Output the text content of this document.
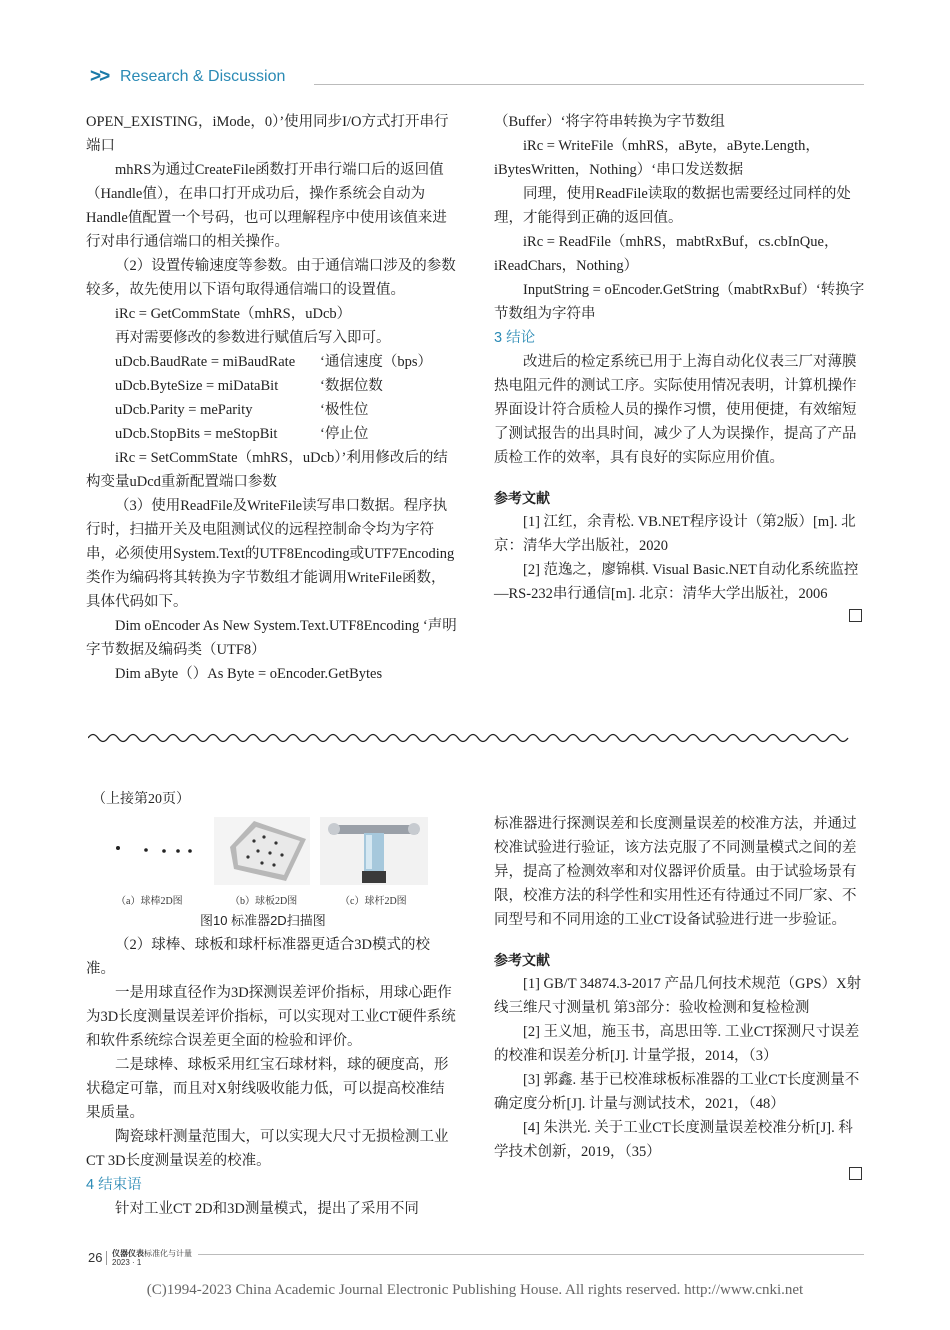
>> Research & Discussion

OPEN_EXISTING，iMode，0）’使用同步I/O方式打开串行端口

mhRS为通过CreateFile函数打开串行端口后的返回值（Handle值），在串口打开成功后，操作系统会自动为Handle值配置一个号码，也可以理解程序中使用该值来进行对串行通信端口的相关操作。

（2）设置传输速度等参数。由于通信端口涉及的参数较多，故先使用以下语句取得通信端口的设置值。

iRc = GetCommState（mhRS，uDcb）

再对需要修改的参数进行赋值后写入即可。

uDcb.BaudRate = miBaudRate	‘通信速度（bps）

uDcb.ByteSize = miDataBit	‘数据位数

uDcb.Parity = meParity	‘极性位

uDcb.StopBits = meStopBit	‘停止位

iRc = SetCommState（mhRS，uDcb）’利用修改后的结构变量uDcd重新配置端口参数

（3）使用ReadFile及WriteFile读写串口数据。程序执行时，扫描开关及电阻测试仪的远程控制命令均为字符串，必须使用System.Text的UTF8Encoding或UTF7Encoding类作为编码将其转换为字节数组才能调用WriteFile函数，具体代码如下。

Dim oEncoder As New System.Text.UTF8Encoding ‘声明字节数据及编码类（UTF8）

Dim aByte（）As Byte = oEncoder.GetBytes

（Buffer）‘将字符串转换为字节数组

iRc = WriteFile（mhRS，aByte，aByte.Length，iBytesWritten，Nothing）‘串口发送数据

同理，使用ReadFile读取的数据也需要经过同样的处理，才能得到正确的返回值。

iRc = ReadFile（mhRS，mabtRxBuf，cs.cbInQue，iReadChars，Nothing）

InputString = oEncoder.GetString（mabtRxBuf）‘转换字节数组为字符串

3 结论

改进后的检定系统已用于上海自动化仪表三厂对薄膜热电阻元件的测试工序。实际使用情况表明，计算机操作界面设计符合质检人员的操作习惯，使用便捷，有效缩短了测试报告的出具时间，减少了人为误操作，提高了产品质检工作的效率，具有良好的实际应用价值。

参考文献

[1] 江红，余青松. VB.NET程序设计（第2版）[m]. 北京：清华大学出版社，2020

[2] 范逸之，廖锦棋. Visual Basic.NET自动化系统监控—RS-232串行通信[m]. 北京：清华大学出版社，2006

（上接第20页）
（a）球棒2D图	（b）球板2D图	（c）球杆2D图
图10 标准器2D扫描图

（2）球棒、球板和球杆标准器更适合3D模式的校准。

一是用球直径作为3D探测误差评价指标，用球心距作为3D长度测量误差评价指标，可以实现对工业CT硬件系统和软件系统综合误差更全面的检验和评价。

二是球棒、球板采用红宝石球材料，球的硬度高，形状稳定可靠，而且对X射线吸收能力低，可以提高校准结果质量。

陶瓷球杆测量范围大，可以实现大尺寸无损检测工业CT 3D长度测量误差的校准。

4 结束语

针对工业CT 2D和3D测量模式，提出了采用不同

标准器进行探测误差和长度测量误差的校准方法，并通过校准试验进行验证，该方法克服了不同测量模式之间的差异，提高了检测效率和对仪器评价质量。由于试验场景有限，校准方法的科学性和实用性还有待通过不同厂家、不同型号和不同用途的工业CT设备试验进行进一步验证。

参考文献

[1] GB/T 34874.3-2017 产品几何技术规范（GPS）X射线三维尺寸测量机 第3部分：验收检测和复检检测

[2] 王义旭，施玉书，高思田等. 工业CT探测尺寸误差的校准和误差分析[J]. 计量学报，2014，（3）

[3] 郭鑫. 基于已校准球板标准器的工业CT长度测量不确定度分析[J]. 计量与测试技术，2021，（48）

[4] 朱洪光. 关于工业CT长度测量误差校准分析[J]. 科学技术创新，2019，（35）

26 仪器仪表标准化与计量
2023 · 1
(C)1994-2023 China Academic Journal Electronic Publishing House. All rights reserved. http://www.cnki.net
